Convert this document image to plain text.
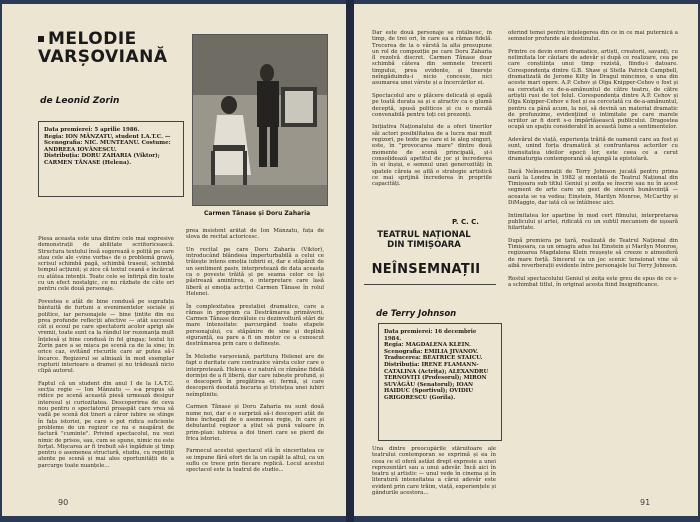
MELODIE
VARȘOVIANĂ
de Leonid Zorin
Data premierei: 5 aprilie 1986.
Regia: ION MÂNZATU, student I.A.T.C. — Scenografia: NIC. MUNTEANU. Costume: ANDREEA IOVĂNESCU.
Distribuția: DORU ZAHARIA (Viktor); CARMEN TĂNASE (Helena).
Carmen Tănase și Doru Zaharia
Piesa aceasta este una dintre cele mai expresive demonstrații de abilitate scriitoricească. Structura textului însă sugerează o poliță pe care stau cele ale «vine vorba» de o problemă gravă, scrisul schimbă pagă, schimbă traseul, schimbă tempul acțiunii; și zice că textul ceană e încărcat cu atâtea intenții. Toate cele se înfiripă din toate cu un efect nostalgic, ce nu răzbate de câte ori pentru cele două personaje.

Povestea e atât de bine condusă pe suprafața bântuită de furtuni a evenimentelor sociale și politice, iar personajele — bine țintite din nu prea profunde reflecții afective — atât succesul cât și ecoul pe care spectatorii acolor aprigi ale vremii, toate sunt ca la rândul lor rezonanța mult înțelesă și bine condusă în fel gingaș; textul lui Zorin pare a se mișca pe scenă ca de la sine; în orice caz, evitând riscurile care ar putea să-l încarce. Regizorul se aliniază în mod exemplar rupturii interioare a dramei și nu trădează nicio clipă autorul.

Faptul că un student din anul I de la I.A.T.C. secția regie — Ion Mânzatu — s-a propus să ridice pe scenă această piesă urmează desigur interesul și curiozitatea. Descoperirea de ceva nou pentru o spectatorul proaspăt care vrea să vadă pe scenă doi tineri a căror iubire se stinge în fața istoriei, pe care o pot ridica suficiente probleme de un regizor ce nu e neapărat de factură "cuminte". Privind spectacolul, nu vezi nimic de prisos, sau, cum se spune, nimic nu este forțat. Mișcarea ar fi trebuit să-i îngăduie și timp pentru o asemenea structură, studiu, cu repetiții atente pe scenă și mai ales oportunității de a parcurge toate nuanțele...
prea insistent arătat de Ion Mânzatu, fața de slova de recital actoricesc.

Un recital pe care Doru Zaharia (Viktor), introducând blândeea împerturbabilă a celui ce trăiește intens emoția iubirii ei, dar e stăpânit de un sentiment pasiv, interpretează de data aceasta ca o poveste trăită și pe seama celor ce își păstrează amintirea, o interpretare care lasă liberă și emoția actriței Carmen Tănase în rolul Helenei.

În complexitatea prestației dramatice, care a rămas în program ca Destrămarea primăverii, Carmen Tănase dezvăluie cu dezinvoltură stări de mare intensitate: parcurgând toate etapele personajului, cu stăpânire de sine și deplină siguranță, ea pare a fi un motor ce a cunoscut destrămarea prin care o definește.

În Melodie varșoviană, partitura Helenei are de fapt o duritate care contrazice vârsta celor care o interpretează. Helena e o natură ce rămâne fidelă dorinței de a fi liberă, dar care iubește profund, și o descoperă în pregătirea ei; fermă, și care descoperă deodată bucuria și tristețea unei iubiri neîmplinite.

Carmen Tănase și Doru Zaharia nu sunt două nume noi, dar e o surpriză să-i descoperi atât de bine închegați de o asemenea regie, în care și debutantul regizor a știut să pună valoare în prim-plan: iubirea a doi tineri care se pierd de frica istoriei.

Farmecul acestui spectacol stă în sinceritatea ce se impune fără efort de la un capăt la altul, ca un suflu ce trece prin fiecare replică. Locul acestui spectacol este la teatrul de studio...
90
Dar este două personaje se întâlnesc, în timp, de trei ori, în care ea a rămas fidelă. Trecerea de la o vârstă la alta presupune un rol de compoziție pe care Doru Zaharia îl rezolvă discret. Carmen Tănase doar schimbă câteva din semnele trecerii timpului, prea evidente, și tinerețe neîngăduindu-i nicio concesie, nici asumarea unei vârste și a încercărilor ei.

Spectacolul are o plăcere delicată și egală pe toată durata sa și e atractiv ca o glumă deceptă, spusă politicos și cu o morală convenabilă pentru toți cei prezenți.

Inițiativa Naționalului de a oferi tinerilor săi actori posibilitatea de a lucra mai mult regizori, pe texte pe care ei le aleg singuri, este, în "provocarea mare" dintre două momente de scenă principală, și-i consolidează apetitul de joc și încrederea în ei înșiși, e semnul unei generozități în spatele căreia se află o strategie artistică ce mai sprijină încrederea în propriile capacități.
P. C. C.
TEATRUL NAȚIONAL
DIN TIMIȘOARA
NEÎNSEMNAȚII
de Terry Johnson
Data premierei: 16 decembrie 1984.
Regia: MAGDALENA KLEIN. Scenografia: EMILIA JIVANOV. Traducerea: BEATRICE STAICU.
Distribuția: IRENE FLAMANN-CATALINA (Actrița); ALEXANDRU TERNOVIȚI (Profesorul); MIRON SUVĂGĂU (Senatorul); IOAN HAIDUC (Sportivul); OVIDIU GRIGORESCU (Gorila).
Una dintre preocupările stăruitoare ale teatrului contemporan se exprimă și ea în ceea ce el oferă astăzi drept expresie a unei reprezentări sau a unui adevăr. Încă aici în teatru și artistic — unul vede în cinema și în literatură intensitatea a cărui adevăr este evident prin care trăim, viață, experiențele și gândurile acestora...
oferind temei pentru înțelegerea din ce în ce mai puternică a semnelor profunde ale destinului.

Printre ce devin erori dramatice, artiști, creatorii, savanți, cu nelimitata lor căutare de adevăr și după ce realizare, cea pe care conștiința unui timp rezistă, fiindu-i datoare. Corespondența dintre G.B. Shaw și Stella Patrick Campbell, dramatizată de Jerome Kilty în Dragul mincinos, e una din aceste mari opere. A.P. Cehov și Olga Knipper-Cehov o fost și ea cercetată cu de-a-amănuntul de către teatru, de către artiștii rusi de tot felul. Corespondența dintre A.P. Cehov și Olga Knipper-Cehov e fost și ea cercetată cu de-a-amănuntul, pentru ca până acum, la noi, să devină un material dramatic de profunzime, evidențiind o intimitate pe care marele scriitor ar fi dorit s-o împărtășească publicului. Dragostea ocupă un spațiu considerabil în această lume a sentimentelor.

Adevărul de viață, experiența trăită de oamenii care au fost și sunt, unind forța dramatică și confruntarea actorilor cu imensitatea ideilor epocii lor, este ceea ce a cerut dramaturgia contemporană să ajungă la epistolară.

Dacă Neînsemnații de Terry Johnson jucată pentru prima oară la Londra în 1982 și montată de Teatrul Național din Timișoara sub titlul Geniul și zeița se înscrie sau nu în acest segment de arte care un gest de sinceră bunăvoință — aceasta se va vedea: Einstein, Marilyn Monroe, McCarthy și DiMaggio, dar iată că se întâlnesc aici.

Intimitatea lor aparține în mod cert filmului, interpretarea publicului și artei, ridicată cu un subtil mecanism de ușoară hilaritate.

După premiera pe țară, realizată de Teatrul Național din Timișoara, ca un omagiu adus lui Einstein și Marilyn Monroe, regizoarea Magdalena Klein reușește să creeze o atmosferă de mare forță. Sincerul ca un joc scenic tensionat vine să aibă reverberații evidente între personajele lui Terry Johnson.

Rostul spectacolului Geniul și zeița este greu de spus de ce s-a schimbat titlul, în original acesta fiind Insignificance.
91
